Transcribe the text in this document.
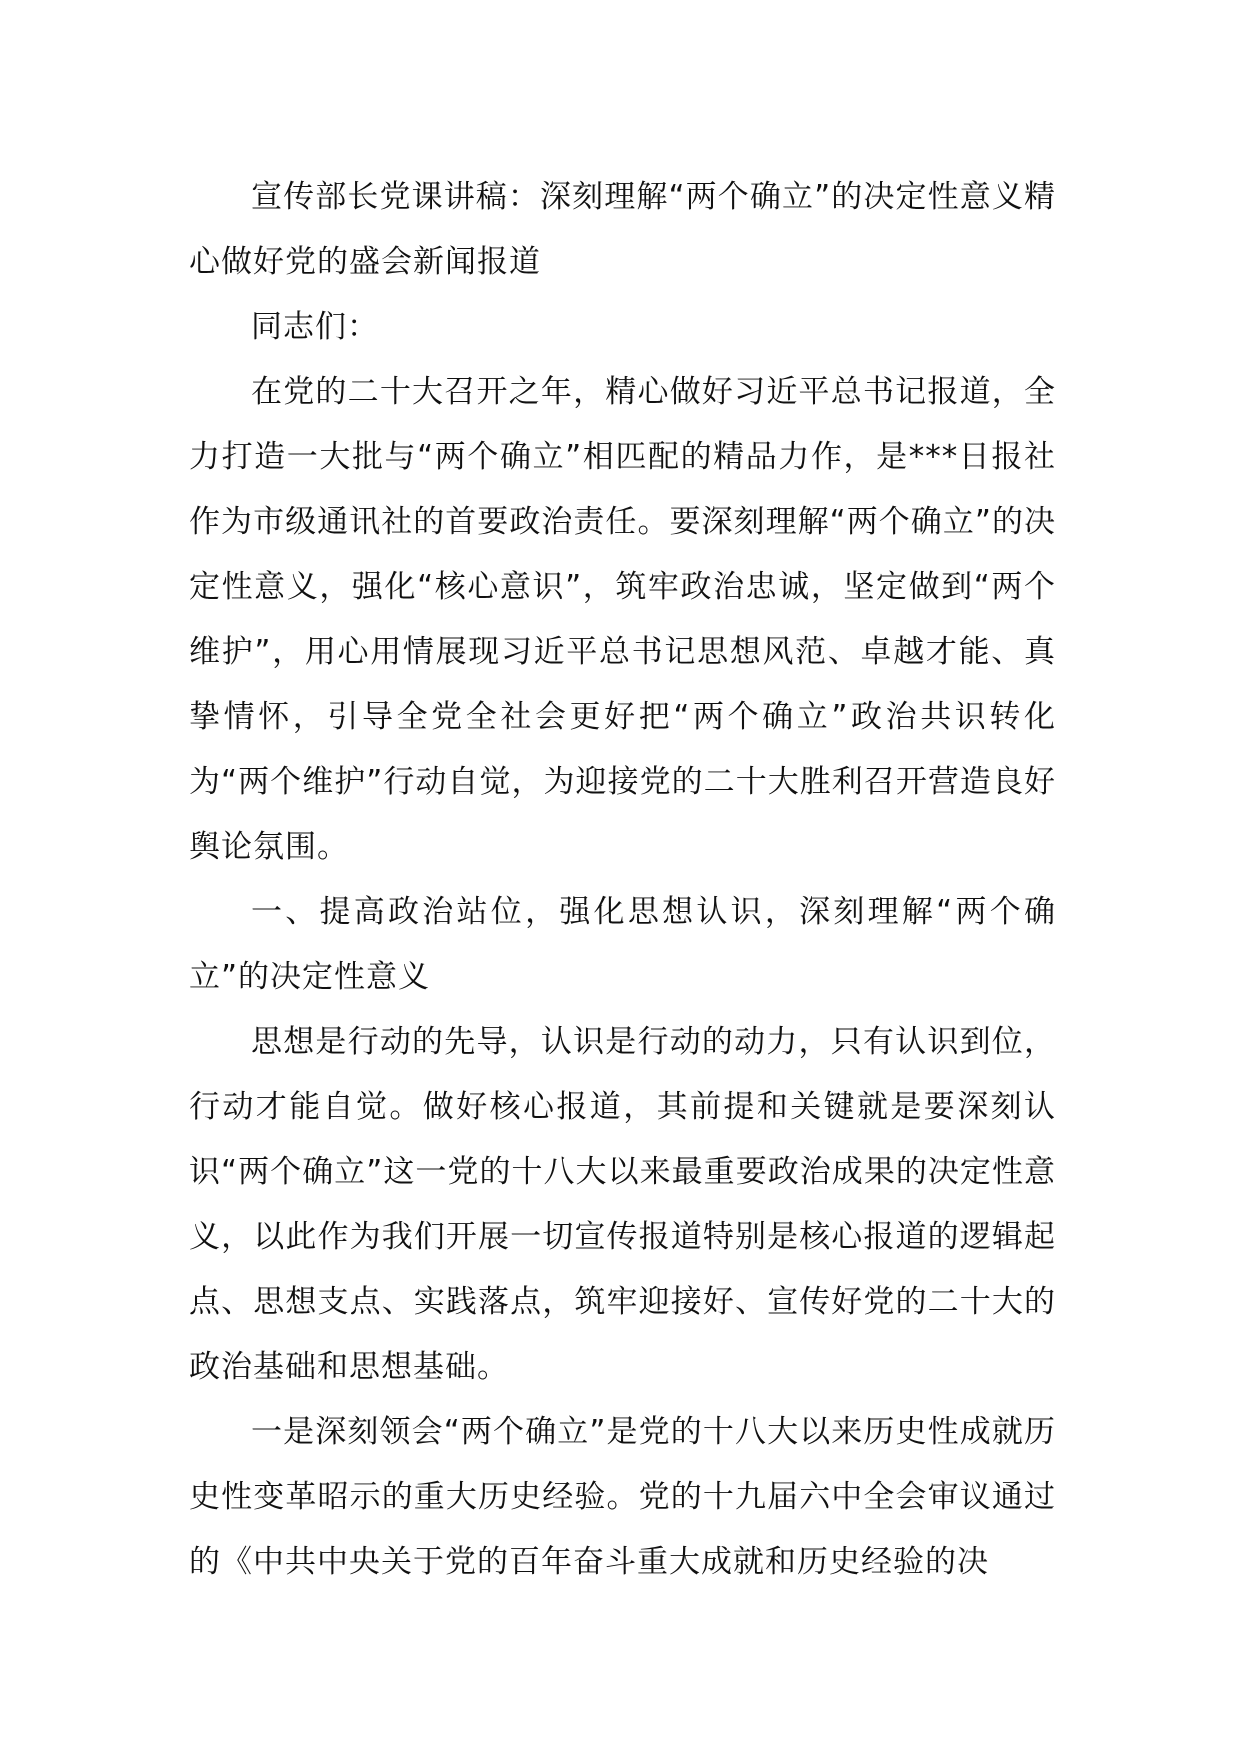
宣传部长党课讲稿：深刻理解“两个确立”的决定性意义精心做好党的盛会新闻报道

同志们：

在党的二十大召开之年，精心做好习近平总书记报道，全力打造一大批与“两个确立”相匹配的精品力作，是***日报社作为市级通讯社的首要政治责任。要深刻理解“两个确立”的决定性意义，强化“核心意识”，筑牢政治忠诚，坚定做到“两个维护”，用心用情展现习近平总书记思想风范、卓越才能、真挚情怀，引导全党全社会更好把“两个确立”政治共识转化为“两个维护”行动自觉，为迎接党的二十大胜利召开营造良好舆论氛围。

一、提高政治站位，强化思想认识，深刻理解“两个确立”的决定性意义

思想是行动的先导，认识是行动的动力，只有认识到位，行动才能自觉。做好核心报道，其前提和关键就是要深刻认识“两个确立”这一党的十八大以来最重要政治成果的决定性意义，以此作为我们开展一切宣传报道特别是核心报道的逻辑起点、思想支点、实践落点，筑牢迎接好、宣传好党的二十大的政治基础和思想基础。

一是深刻领会“两个确立”是党的十八大以来历史性成就历史性变革昭示的重大历史经验。党的十九届六中全会审议通过的《中共中央关于党的百年奋斗重大成就和历史经验的决
